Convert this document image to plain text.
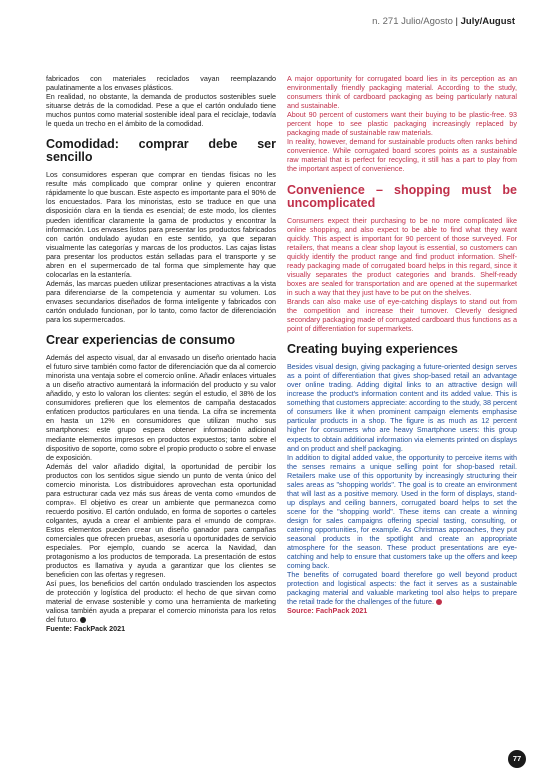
n. 271 Julio/Agosto | July/August

fabricados con materiales reciclados vayan reemplazando paulatinamente a los envases plásticos.

En realidad, no obstante, la demanda de productos sostenibles suele situarse detrás de la comodidad. Pese a que el cartón ondulado tiene muchos puntos como material sostenible ideal para el reciclaje, todavía le queda un trecho en el ámbito de la comodidad.

Comodidad: comprar debe ser sencillo

Los consumidores esperan que comprar en tiendas físicas no les resulte más complicado que comprar online y quieren encontrar rápidamente lo que buscan. Este aspecto es importante para el 90% de los encuestados. Para los minoristas, esto se traduce en que una disposición clara en la tienda es esencial; de este modo, los clientes pueden identificar claramente la gama de productos y encontrar la información. Los envases listos para presentar los productos fabricados con cartón ondulado ayudan en este sentido, ya que separan visualmente las categorías y marcas de los productos. Las cajas listas para presentar los productos están selladas para el transporte y se abren en el supermercado de tal forma que simplemente hay que colocarlas en la estantería.

Además, las marcas pueden utilizar presentaciones atractivas a la vista para diferenciarse de la competencia y aumentar su volumen. Los envases secundarios diseñados de forma inteligente y fabricados con cartón ondulado funcionan, por lo tanto, como factor de diferenciación para los supermercados.

Crear experiencias de consumo

Además del aspecto visual, dar al envasado un diseño orientado hacia el futuro sirve también como factor de diferenciación que da al comercio minorista una ventaja sobre el comercio online. Añadir enlaces virtuales a un diseño atractivo aumentará la información del producto y su valor añadido, y esto lo valoran los clientes: según el estudio, el 38% de los consumidores prefieren que los elementos de campaña destacados enfaticen productos particulares en una tienda. La cifra se incrementa en hasta un 12% en consumidores que utilizan mucho sus smartphones: este grupo espera obtener información adicional mediante elementos impresos en productos expuestos; tanto sobre el dispositivo de soporte, como sobre el propio producto o sobre el envase de exposición.

Además del valor añadido digital, la oportunidad de percibir los productos con los sentidos sigue siendo un punto de venta único del comercio minorista. Los distribuidores aprovechan esta oportunidad para estructurar cada vez más sus áreas de venta como «mundos de compra». El objetivo es crear un ambiente que permanezca como recuerdo positivo. El cartón ondulado, en forma de soportes o carteles colgantes, ayuda a crear el ambiente para el «mundo de compra». Estos elementos pueden crear un diseño ganador para campañas comerciales que ofrecen pruebas, asesoría u oportunidades de servicio especiales. Por ejemplo, cuando se acerca la Navidad, dan protagonismo a los productos de temporada. La presentación de estos productos es llamativa y ayuda a garantizar que los clientes se beneficien con las ofertas y regresen.

Así pues, los beneficios del cartón ondulado trascienden los aspectos de protección y logística del producto: el hecho de que sirvan como material de envase sostenible y como una herramienta de marketing valiosa también ayuda a preparar el comercio minorista para los retos del futuro.

Fuente: FackPack 2021

A major opportunity for corrugated board lies in its perception as an environmentally friendly packaging material. According to the study, consumers think of cardboard packaging as being particularly natural and sustainable.

About 90 percent of customers want their buying to be plastic-free. 93 percent hope to see plastic packaging increasingly replaced by packaging made of sustainable raw materials.

In reality, however, demand for sustainable products often ranks behind convenience. While corrugated board scores points as a sustainable raw material that is perfect for recycling, it still has a part to play from the important aspect of convenience.

Convenience – shopping must be uncomplicated

Consumers expect their purchasing to be no more complicated like online shopping, and also expect to be able to find what they want quickly. This aspect is important for 90 percent of those surveyed. For retailers, that means a clear shop layout is essential, so customers can quickly identify the product range and find product information. Shelf-ready packaging made of corrugated board helps in this regard, since it visually separates the product categories and brands. Shelf-ready boxes are sealed for transportation and are opened at the supermarket in such a way that they just have to be put on the shelves.

Brands can also make use of eye-catching displays to stand out from the competition and increase their turnover. Cleverly designed secondary packaging made of corrugated cardboard thus functions as a point of differentiation for supermarkets.

Creating buying experiences

Besides visual design, giving packaging a future-oriented design serves as a point of differentiation that gives shop-based retail an advantage over online trading. Adding digital links to an attractive design will increase the product's information content and its added value. This is something that customers appreciate: according to the study, 38 percent of consumers like it when prominent campaign elements emphasise particular products in a shop. The figure is as much as 12 percent higher for consumers who are heavy Smartphone users: this group expects to obtain additional information via elements printed on displays and on product and shelf packaging.

In addition to digital added value, the opportunity to perceive items with the senses remains a unique selling point for shop-based retail. Retailers make use of this opportunity by increasingly structuring their sales areas as "shopping worlds". The goal is to create an environment that will last as a positive memory. Used in the form of displays, stand-up displays and ceiling banners, corrugated board helps to set the scene for the "shopping world". These items can create a winning design for sales campaigns offering special tasting, consulting, or catering opportunities, for example. As Christmas approaches, they put seasonal products in the spotlight and create an appropriate atmosphere for the season. These product presentations are eye-catching and help to ensure that customers take up the offers and keep coming back.

The benefits of corrugated board therefore go well beyond product protection and logistical aspects: the fact it serves as a sustainable packaging material and valuable marketing tool also helps to prepare the retail trade for the challenges of the future.

Source: FachPack 2021

77
